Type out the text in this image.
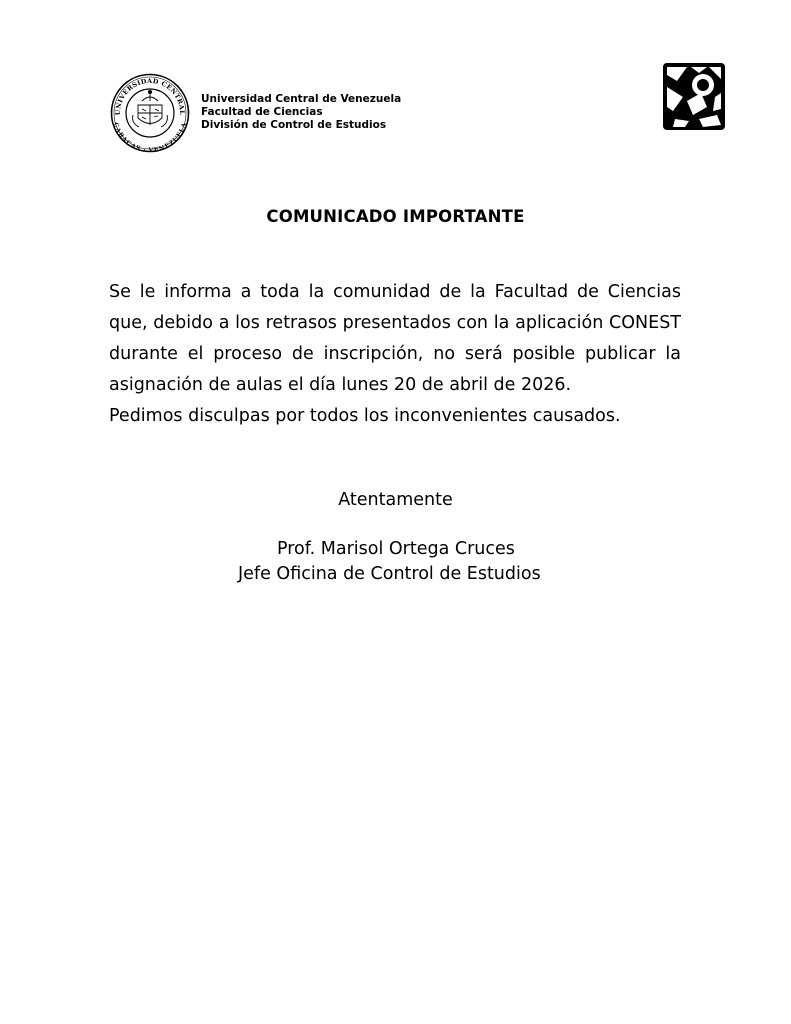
UNIVERSIDAD CENTRAL
CARACAS · VENEZUELA
Universidad Central de Venezuela
Facultad de Ciencias
División de Control de Estudios
COMUNICADO IMPORTANTE

Se le informa a toda la comunidad de la Facultad de Ciencias que, debido a los retrasos presentados con la aplicación CONEST durante el proceso de inscripción, no será posible publicar la asignación de aulas el día lunes 20 de abril de 2026.

Pedimos disculpas por todos los inconvenientes causados.

Atentamente
Prof. Marisol Ortega Cruces
Jefe Oficina de Control de Estudios
